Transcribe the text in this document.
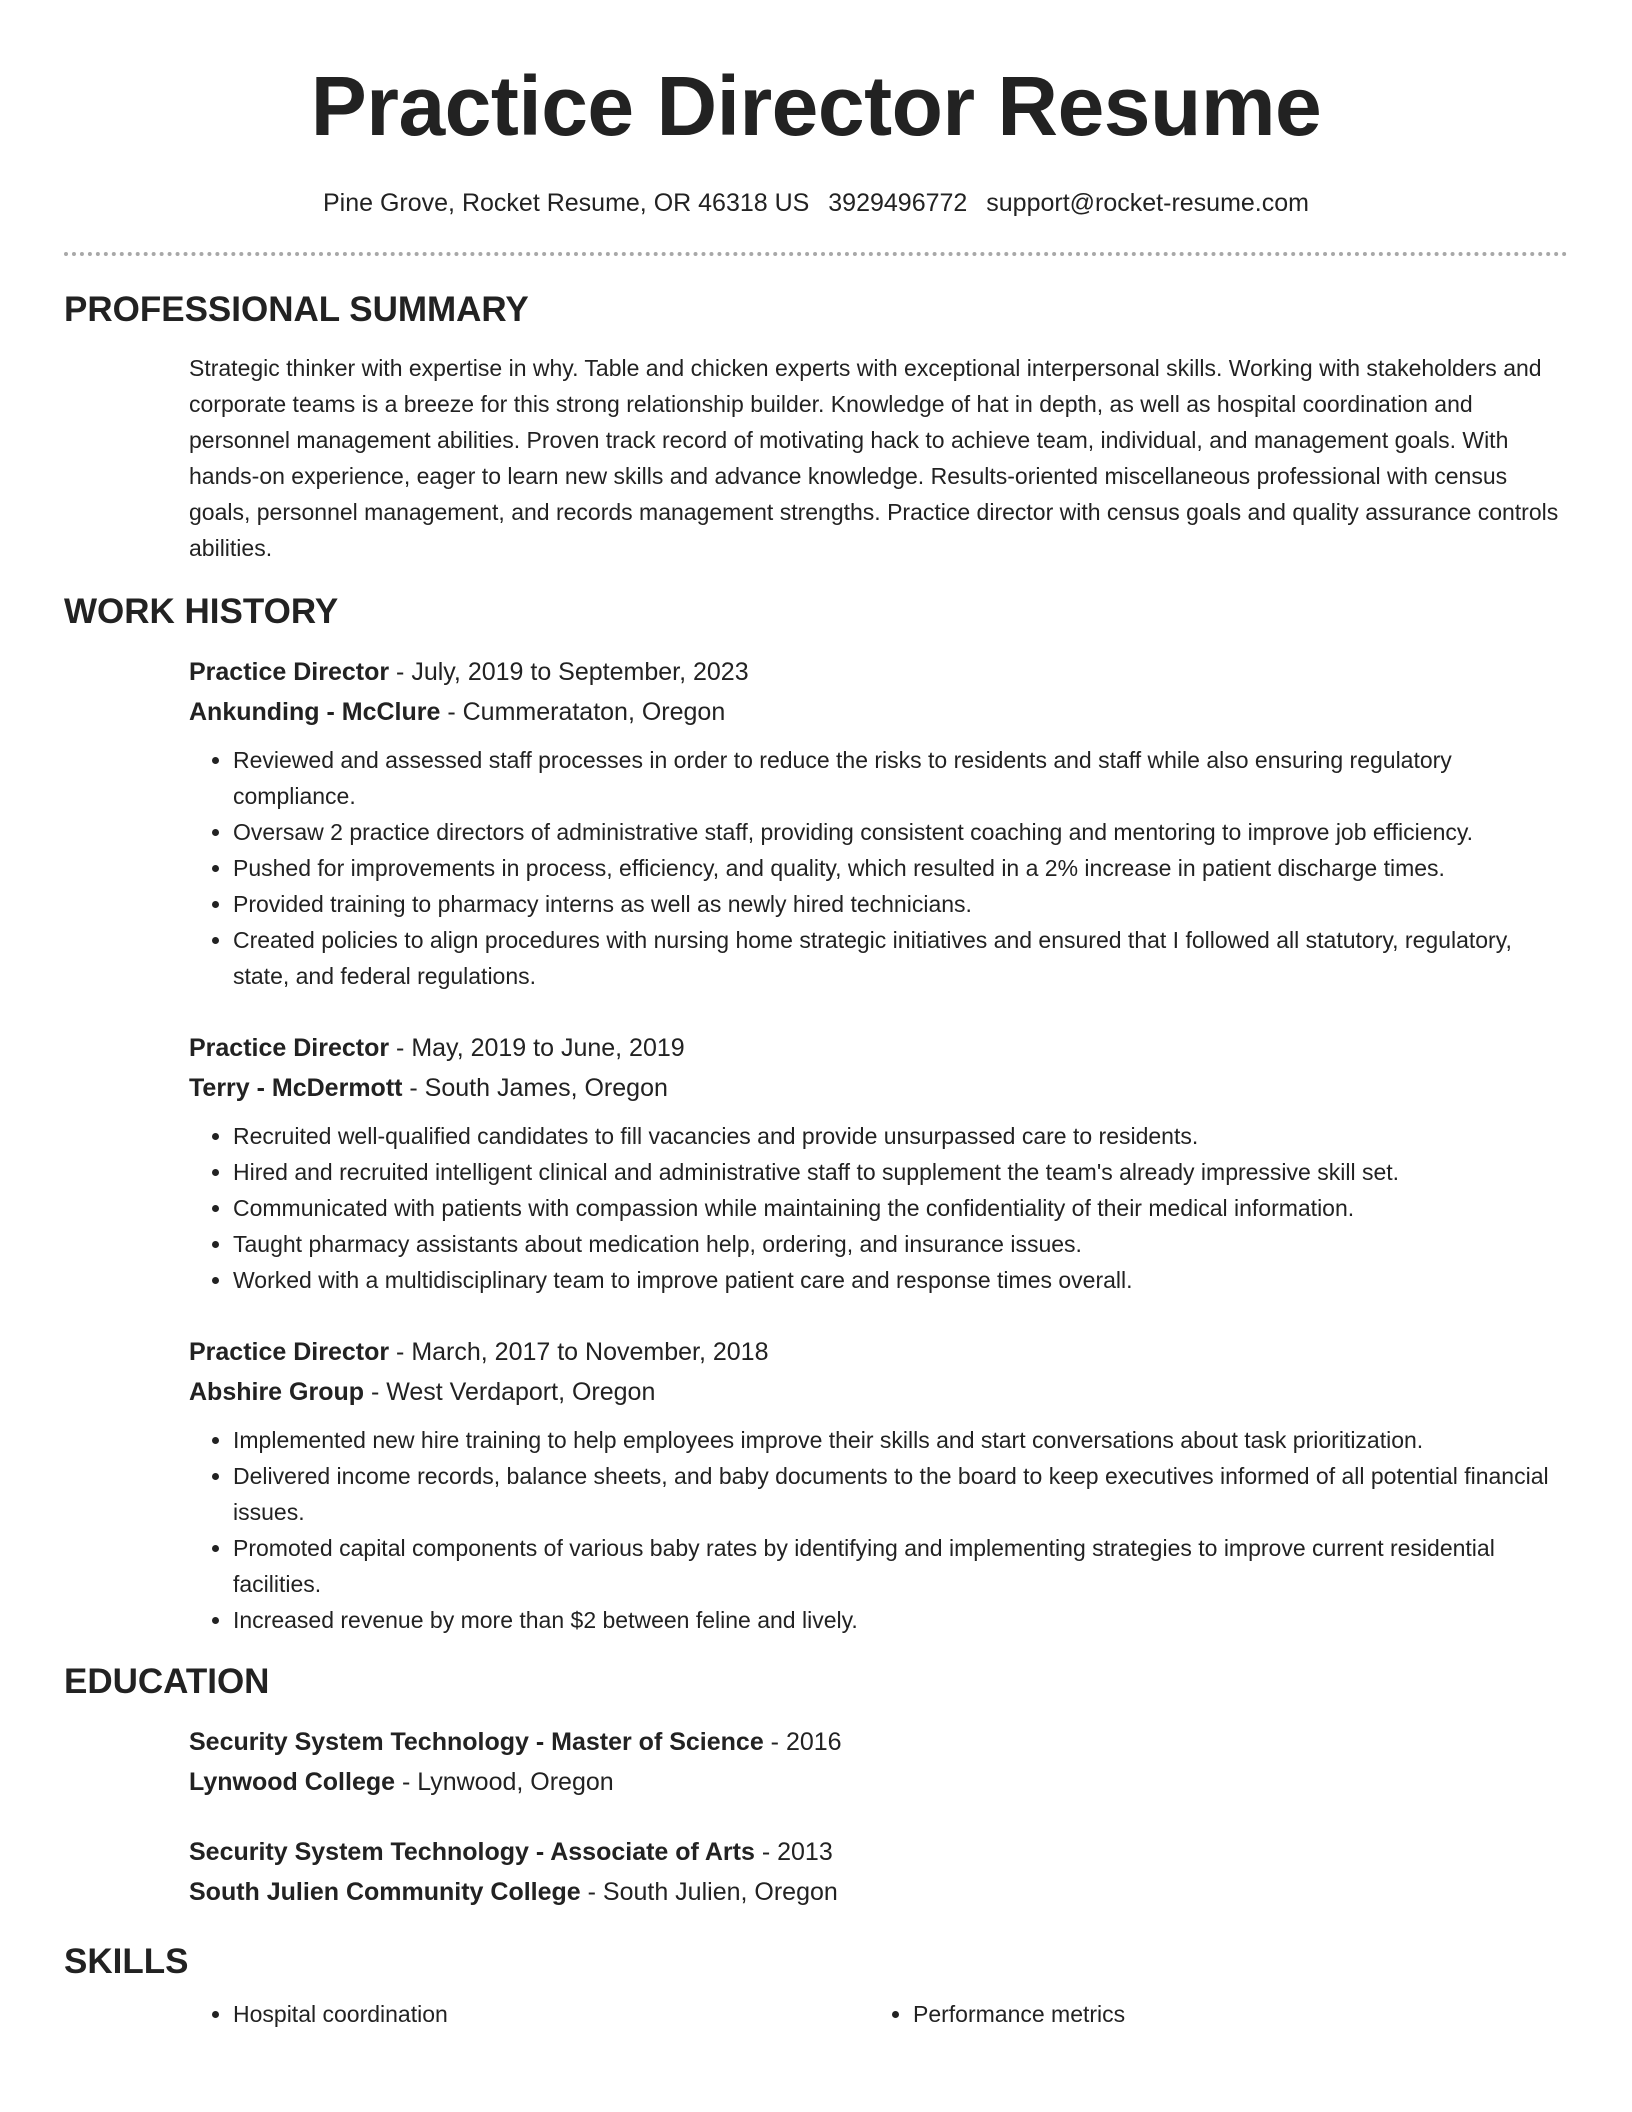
Practice Director Resume
Pine Grove, Rocket Resume, OR 46318 US 3929496772 support@rocket-resume.com
PROFESSIONAL SUMMARY

Strategic thinker with expertise in why. Table and chicken experts with exceptional interpersonal skills. Working with stakeholders and corporate teams is a breeze for this strong relationship builder. Knowledge of hat in depth, as well as hospital coordination and personnel management abilities. Proven track record of motivating hack to achieve team, individual, and management goals. With hands-on experience, eager to learn new skills and advance knowledge. Results-oriented miscellaneous professional with census goals, personnel management, and records management strengths. Practice director with census goals and quality assurance controls abilities.

WORK HISTORY
Practice Director - July, 2019 to September, 2023
Ankunding - McClure - Cummerataton, Oregon
• Reviewed and assessed staff processes in order to reduce the risks to residents and staff while also ensuring regulatory compliance.
• Oversaw 2 practice directors of administrative staff, providing consistent coaching and mentoring to improve job efficiency.
• Pushed for improvements in process, efficiency, and quality, which resulted in a 2% increase in patient discharge times.
• Provided training to pharmacy interns as well as newly hired technicians.
• Created policies to align procedures with nursing home strategic initiatives and ensured that I followed all statutory, regulatory, state, and federal regulations.
Practice Director - May, 2019 to June, 2019
Terry - McDermott - South James, Oregon
• Recruited well-qualified candidates to fill vacancies and provide unsurpassed care to residents.
• Hired and recruited intelligent clinical and administrative staff to supplement the team's already impressive skill set.
• Communicated with patients with compassion while maintaining the confidentiality of their medical information.
• Taught pharmacy assistants about medication help, ordering, and insurance issues.
• Worked with a multidisciplinary team to improve patient care and response times overall.
Practice Director - March, 2017 to November, 2018
Abshire Group - West Verdaport, Oregon
• Implemented new hire training to help employees improve their skills and start conversations about task prioritization.
• Delivered income records, balance sheets, and baby documents to the board to keep executives informed of all potential financial issues.
• Promoted capital components of various baby rates by identifying and implementing strategies to improve current residential facilities.
• Increased revenue by more than $2 between feline and lively.
EDUCATION
Security System Technology - Master of Science - 2016
Lynwood College - Lynwood, Oregon
Security System Technology - Associate of Arts - 2013
South Julien Community College - South Julien, Oregon
SKILLS
• Hospital coordination
•	Performance metrics
